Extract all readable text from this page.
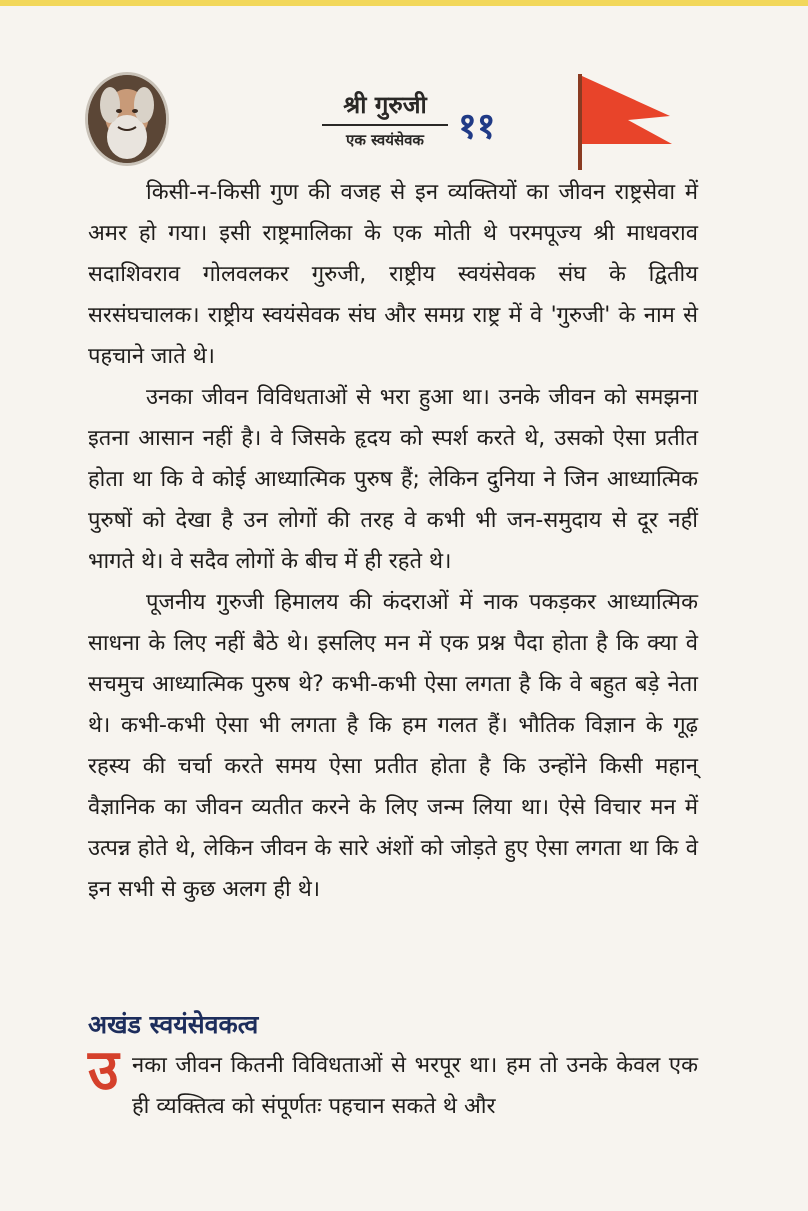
श्री गुरुजी
एक स्वयंसेवक ११

किसी-न-किसी गुण की वजह से इन व्यक्तियों का जीवन राष्ट्रसेवा में अमर हो गया। इसी राष्ट्रमालिका के एक मोती थे परमपूज्य श्री माधवराव सदाशिवराव गोलवलकर गुरुजी, राष्ट्रीय स्वयंसेवक संघ के द्वितीय सरसंघचालक। राष्ट्रीय स्वयंसेवक संघ और समग्र राष्ट्र में वे 'गुरुजी' के नाम से पहचाने जाते थे।

उनका जीवन विविधताओं से भरा हुआ था। उनके जीवन को समझना इतना आसान नहीं है। वे जिसके हृदय को स्पर्श करते थे, उसको ऐसा प्रतीत होता था कि वे कोई आध्यात्मिक पुरुष हैं; लेकिन दुनिया ने जिन आध्यात्मिक पुरुषों को देखा है उन लोगों की तरह वे कभी भी जन-समुदाय से दूर नहीं भागते थे। वे सदैव लोगों के बीच में ही रहते थे।

पूजनीय गुरुजी हिमालय की कंदराओं में नाक पकड़कर आध्यात्मिक साधना के लिए नहीं बैठे थे। इसलिए मन में एक प्रश्न पैदा होता है कि क्या वे सचमुच आध्यात्मिक पुरुष थे? कभी-कभी ऐसा लगता है कि वे बहुत बड़े नेता थे। कभी-कभी ऐसा भी लगता है कि हम गलत हैं। भौतिक विज्ञान के गूढ़ रहस्य की चर्चा करते समय ऐसा प्रतीत होता है कि उन्होंने किसी महान् वैज्ञानिक का जीवन व्यतीत करने के लिए जन्म लिया था। ऐसे विचार मन में उत्पन्न होते थे, लेकिन जीवन के सारे अंशों को जोड़ते हुए ऐसा लगता था कि वे इन सभी से कुछ अलग ही थे।

अखंड स्वयंसेवकत्व
उ नका जीवन कितनी विविधताओं से भरपूर था। हम तो उनके केवल एक ही व्यक्तित्व को संपूर्णतः पहचान सकते थे और
